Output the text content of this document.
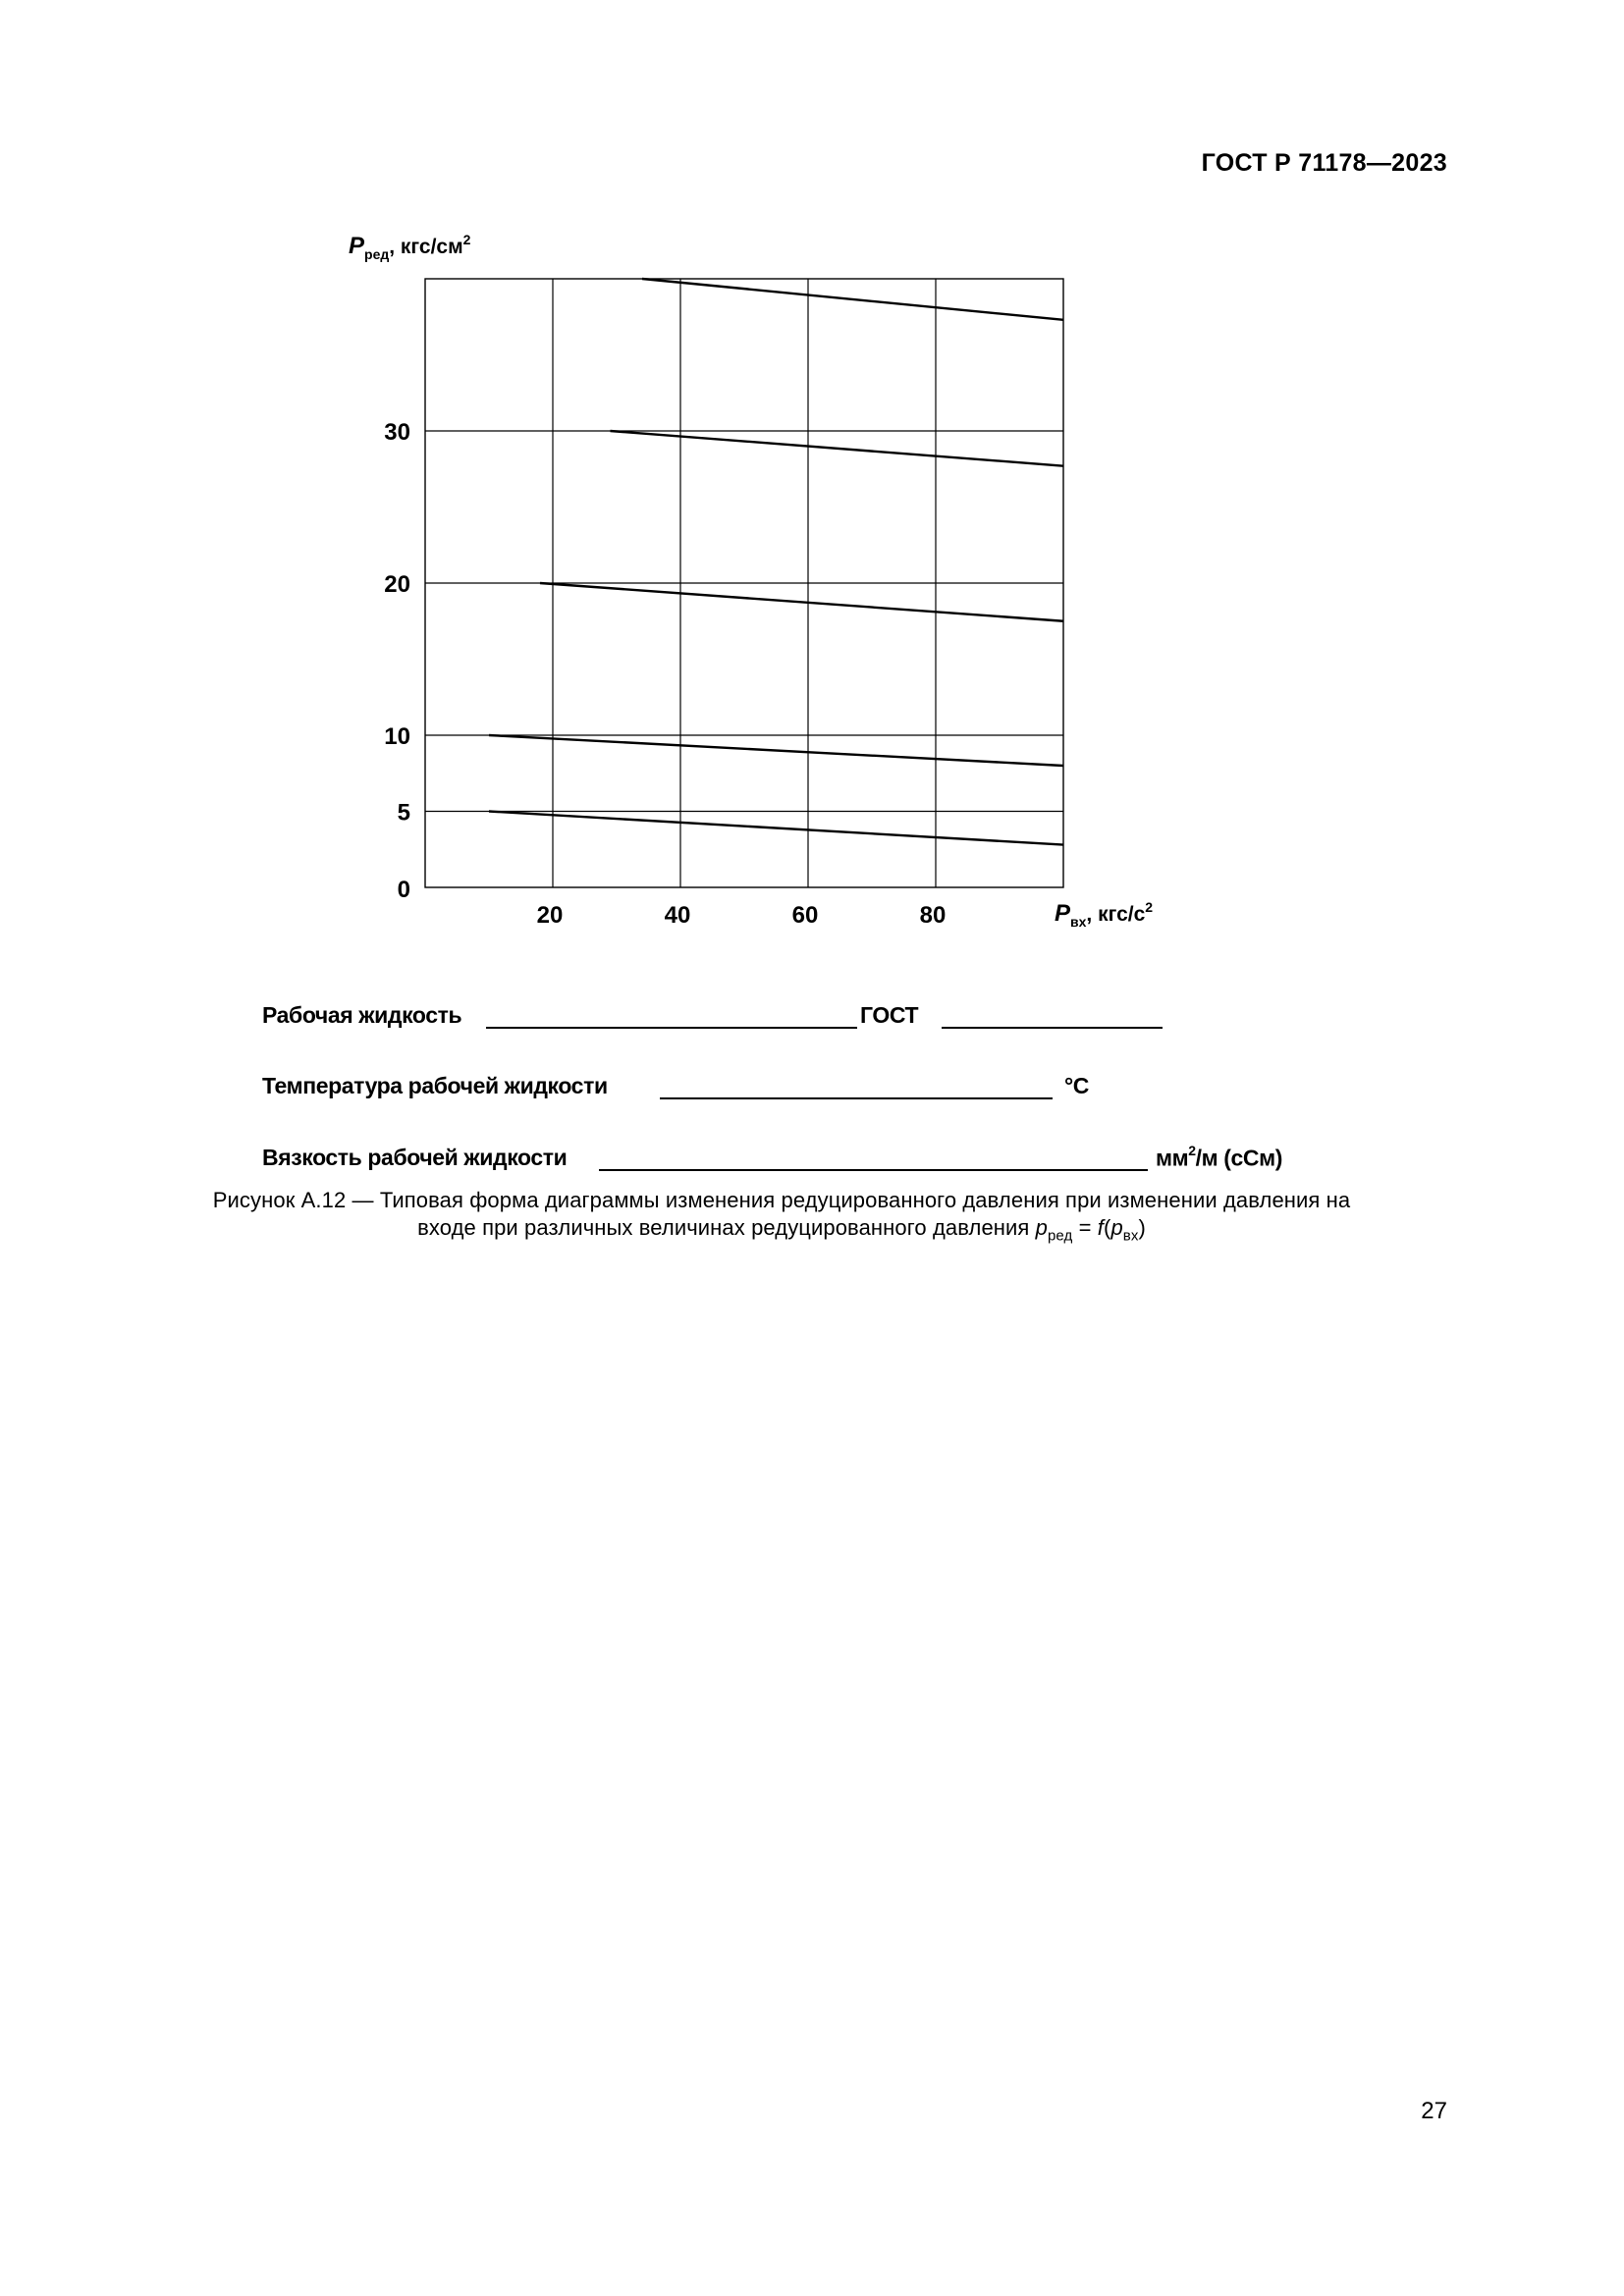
ГОСТ Р 71178—2023
0
5
10
20
30
20	40	60	80
$P_{ред}$, кгс/$см^2$
$P_{вх}$, кгс/$с^2$
Рабочая жидкость	ГОСТ
Температура рабочей жидкости	°С
Вязкость рабочей жидкости	$мм^2/м$ (сСм)
Рисунок А.12 — Типовая форма диаграммы изменения редуцированного давления при изменении давления на
входе при различных величинах редуцированного давления $p_{ред} = f(p_{вх})$
27
